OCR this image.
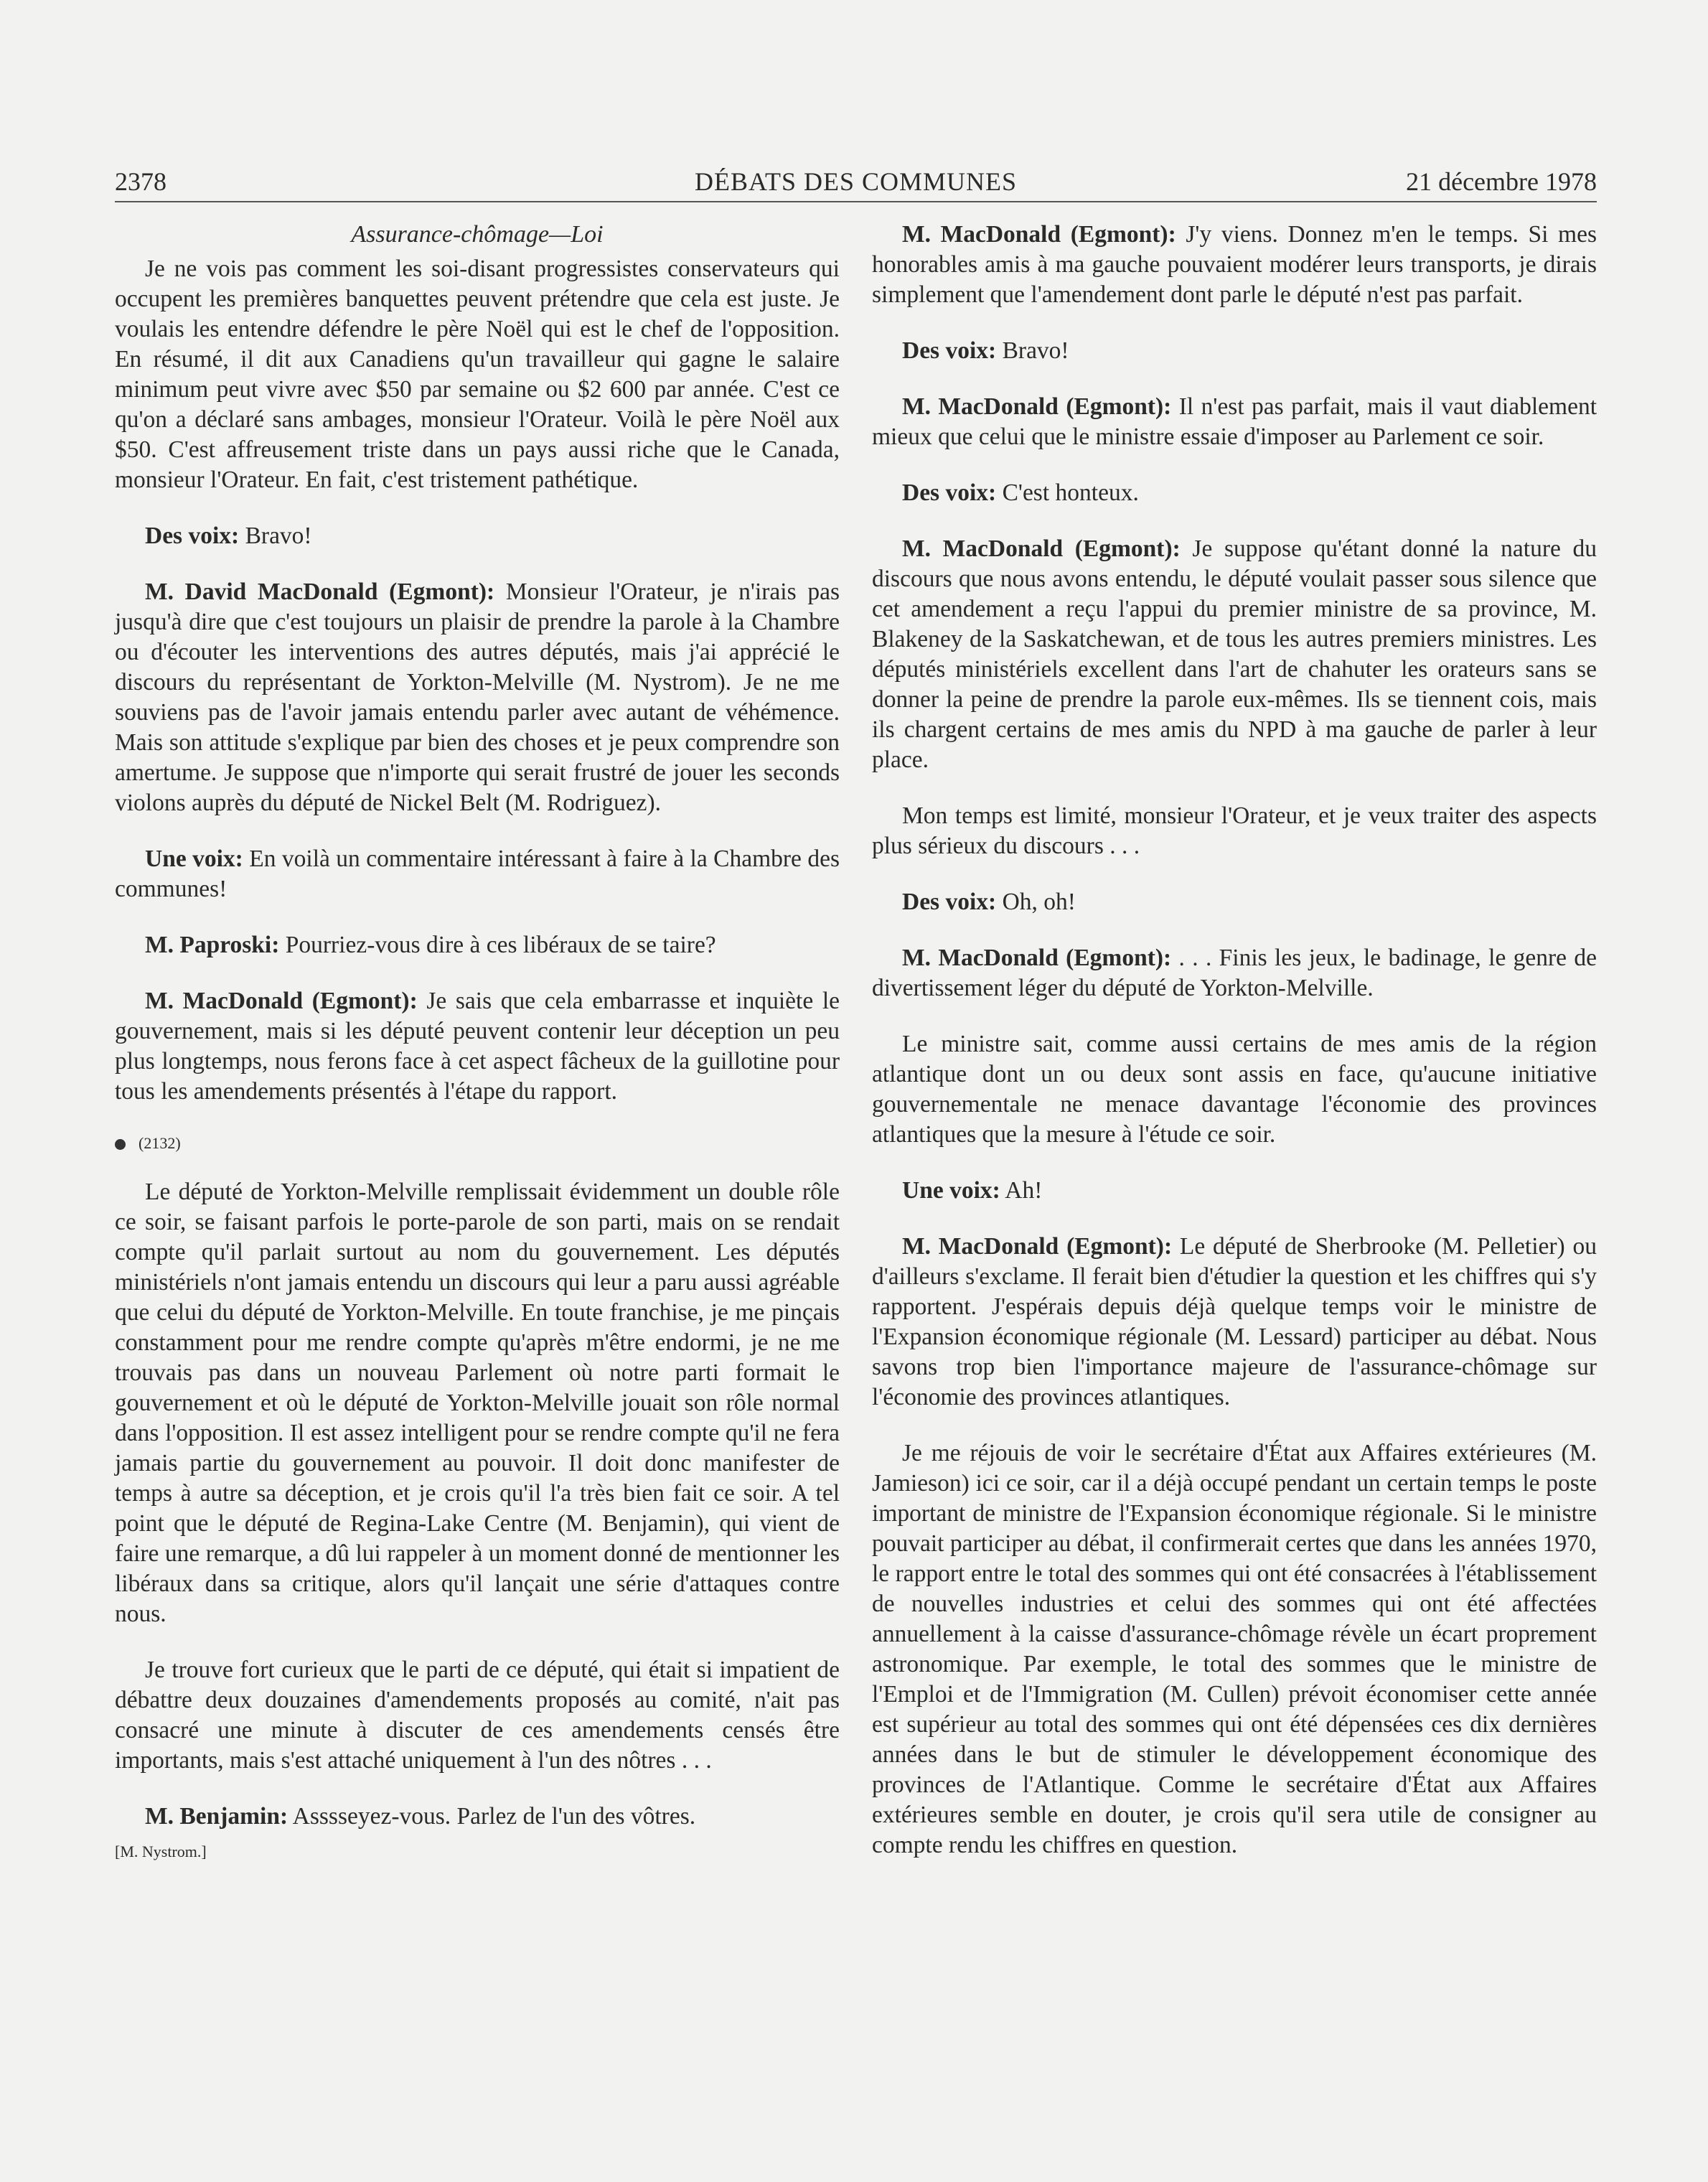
2378	DÉBATS DES COMMUNES	21 décembre 1978
Assurance-chômage—Loi

Je ne vois pas comment les soi-disant progressistes conservateurs qui occupent les premières banquettes peuvent prétendre que cela est juste. Je voulais les entendre défendre le père Noël qui est le chef de l'opposition. En résumé, il dit aux Canadiens qu'un travailleur qui gagne le salaire minimum peut vivre avec $50 par semaine ou $2 600 par année. C'est ce qu'on a déclaré sans ambages, monsieur l'Orateur. Voilà le père Noël aux $50. C'est affreusement triste dans un pays aussi riche que le Canada, monsieur l'Orateur. En fait, c'est tristement pathétique.

Des voix: Bravo!

M. David MacDonald (Egmont): Monsieur l'Orateur, je n'irais pas jusqu'à dire que c'est toujours un plaisir de prendre la parole à la Chambre ou d'écouter les interventions des autres députés, mais j'ai apprécié le discours du représentant de Yorkton-Melville (M. Nystrom). Je ne me souviens pas de l'avoir jamais entendu parler avec autant de véhémence. Mais son attitude s'explique par bien des choses et je peux comprendre son amertume. Je suppose que n'importe qui serait frustré de jouer les seconds violons auprès du député de Nickel Belt (M. Rodriguez).

Une voix: En voilà un commentaire intéressant à faire à la Chambre des communes!

M. Paproski: Pourriez-vous dire à ces libéraux de se taire?

M. MacDonald (Egmont): Je sais que cela embarrasse et inquiète le gouvernement, mais si les député peuvent contenir leur déception un peu plus longtemps, nous ferons face à cet aspect fâcheux de la guillotine pour tous les amendements présentés à l'étape du rapport.

(2132)

Le député de Yorkton-Melville remplissait évidemment un double rôle ce soir, se faisant parfois le porte-parole de son parti, mais on se rendait compte qu'il parlait surtout au nom du gouvernement. Les députés ministériels n'ont jamais entendu un discours qui leur a paru aussi agréable que celui du député de Yorkton-Melville. En toute franchise, je me pinçais constamment pour me rendre compte qu'après m'être endormi, je ne me trouvais pas dans un nouveau Parlement où notre parti formait le gouvernement et où le député de Yorkton-Melville jouait son rôle normal dans l'opposition. Il est assez intelligent pour se rendre compte qu'il ne fera jamais partie du gouvernement au pouvoir. Il doit donc manifester de temps à autre sa déception, et je crois qu'il l'a très bien fait ce soir. A tel point que le député de Regina-Lake Centre (M. Benjamin), qui vient de faire une remarque, a dû lui rappeler à un moment donné de mentionner les libéraux dans sa critique, alors qu'il lançait une série d'attaques contre nous.

Je trouve fort curieux que le parti de ce député, qui était si impatient de débattre deux douzaines d'amendements proposés au comité, n'ait pas consacré une minute à discuter de ces amendements censés être importants, mais s'est attaché uniquement à l'un des nôtres . . .

M. Benjamin: Asssseyez-vous. Parlez de l'un des vôtres.

[M. Nystrom.]

M. MacDonald (Egmont): J'y viens. Donnez m'en le temps. Si mes honorables amis à ma gauche pouvaient modérer leurs transports, je dirais simplement que l'amendement dont parle le député n'est pas parfait.

Des voix: Bravo!

M. MacDonald (Egmont): Il n'est pas parfait, mais il vaut diablement mieux que celui que le ministre essaie d'imposer au Parlement ce soir.

Des voix: C'est honteux.

M. MacDonald (Egmont): Je suppose qu'étant donné la nature du discours que nous avons entendu, le député voulait passer sous silence que cet amendement a reçu l'appui du premier ministre de sa province, M. Blakeney de la Saskatchewan, et de tous les autres premiers ministres. Les députés ministériels excellent dans l'art de chahuter les orateurs sans se donner la peine de prendre la parole eux-mêmes. Ils se tiennent cois, mais ils chargent certains de mes amis du NPD à ma gauche de parler à leur place.

Mon temps est limité, monsieur l'Orateur, et je veux traiter des aspects plus sérieux du discours . . .

Des voix: Oh, oh!

M. MacDonald (Egmont): . . . Finis les jeux, le badinage, le genre de divertissement léger du député de Yorkton-Melville.

Le ministre sait, comme aussi certains de mes amis de la région atlantique dont un ou deux sont assis en face, qu'aucune initiative gouvernementale ne menace davantage l'économie des provinces atlantiques que la mesure à l'étude ce soir.

Une voix: Ah!

M. MacDonald (Egmont): Le député de Sherbrooke (M. Pelletier) ou d'ailleurs s'exclame. Il ferait bien d'étudier la question et les chiffres qui s'y rapportent. J'espérais depuis déjà quelque temps voir le ministre de l'Expansion économique régionale (M. Lessard) participer au débat. Nous savons trop bien l'importance majeure de l'assurance-chômage sur l'économie des provinces atlantiques.

Je me réjouis de voir le secrétaire d'État aux Affaires extérieures (M. Jamieson) ici ce soir, car il a déjà occupé pendant un certain temps le poste important de ministre de l'Expansion économique régionale. Si le ministre pouvait participer au débat, il confirmerait certes que dans les années 1970, le rapport entre le total des sommes qui ont été consacrées à l'établissement de nouvelles industries et celui des sommes qui ont été affectées annuellement à la caisse d'assurance-chômage révèle un écart proprement astronomique. Par exemple, le total des sommes que le ministre de l'Emploi et de l'Immigration (M. Cullen) prévoit économiser cette année est supérieur au total des sommes qui ont été dépensées ces dix dernières années dans le but de stimuler le développement économique des provinces de l'Atlantique. Comme le secrétaire d'État aux Affaires extérieures semble en douter, je crois qu'il sera utile de consigner au compte rendu les chiffres en question.
